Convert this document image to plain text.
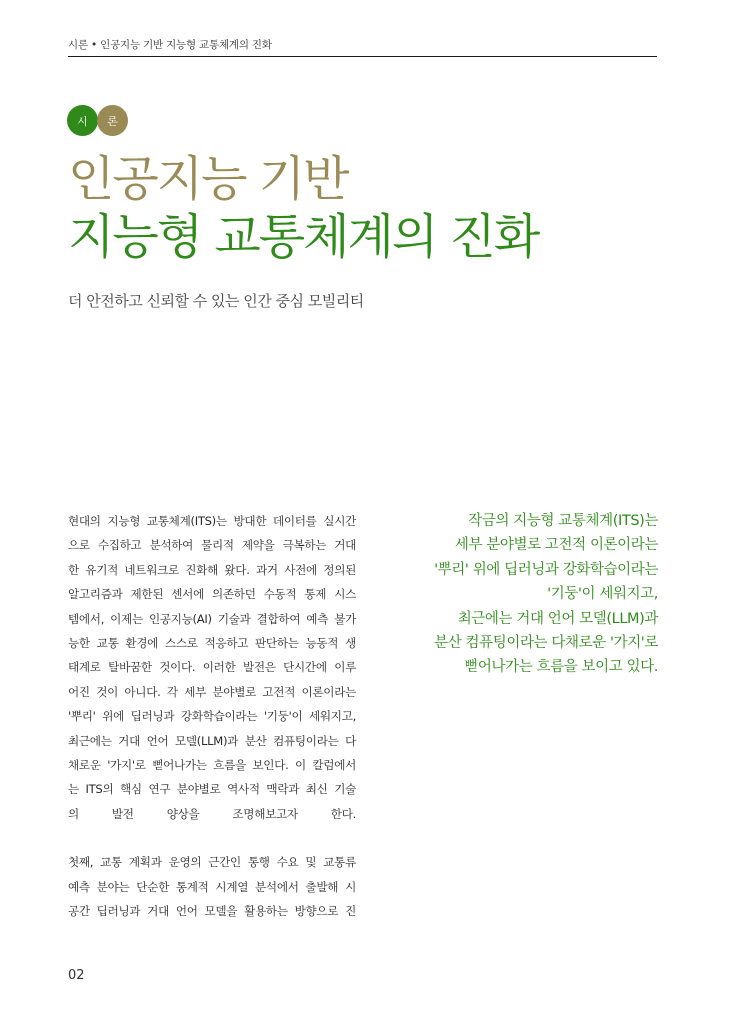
시론 • 인공지능 기반 지능형 교통체계의 진화
시	론
인공지능 기반
지능형 교통체계의 진화
더 안전하고 신뢰할 수 있는 인간 중심 모빌리티
현대의 지능형 교통체계(ITS)는 방대한 데이터를 실시간
으로 수집하고 분석하여 물리적 제약을 극복하는 거대
한 유기적 네트워크로 진화해 왔다. 과거 사전에 정의된
알고리즘과 제한된 센서에 의존하던 수동적 통제 시스
템에서, 이제는 인공지능(AI) 기술과 결합하여 예측 불가
능한 교통 환경에 스스로 적응하고 판단하는 능동적 생
태계로 탈바꿈한 것이다. 이러한 발전은 단시간에 이루
어진 것이 아니다. 각 세부 분야별로 고전적 이론이라는
'뿌리' 위에 딥러닝과 강화학습이라는 '기둥'이 세워지고,
최근에는 거대 언어 모델(LLM)과 분산 컴퓨팅이라는 다
채로운 '가지'로 뻗어나가는 흐름을 보인다. 이 칼럼에서
는 ITS의 핵심 연구 분야별로 역사적 맥락과 최신 기술
의 발전 양상을 조명해보고자 한다.
첫째, 교통 계획과 운영의 근간인 통행 수요 및 교통류
예측 분야는 단순한 통계적 시계열 분석에서 출발해 시
공간 딥러닝과 거대 언어 모델을 활용하는 방향으로 진
작금의 지능형 교통체계(ITS)는
세부 분야별로 고전적 이론이라는
'뿌리' 위에 딥러닝과 강화학습이라는
'기둥'이 세워지고,
최근에는 거대 언어 모델(LLM)과
분산 컴퓨팅이라는 다채로운 '가지'로
뻗어나가는 흐름을 보이고 있다.
02
